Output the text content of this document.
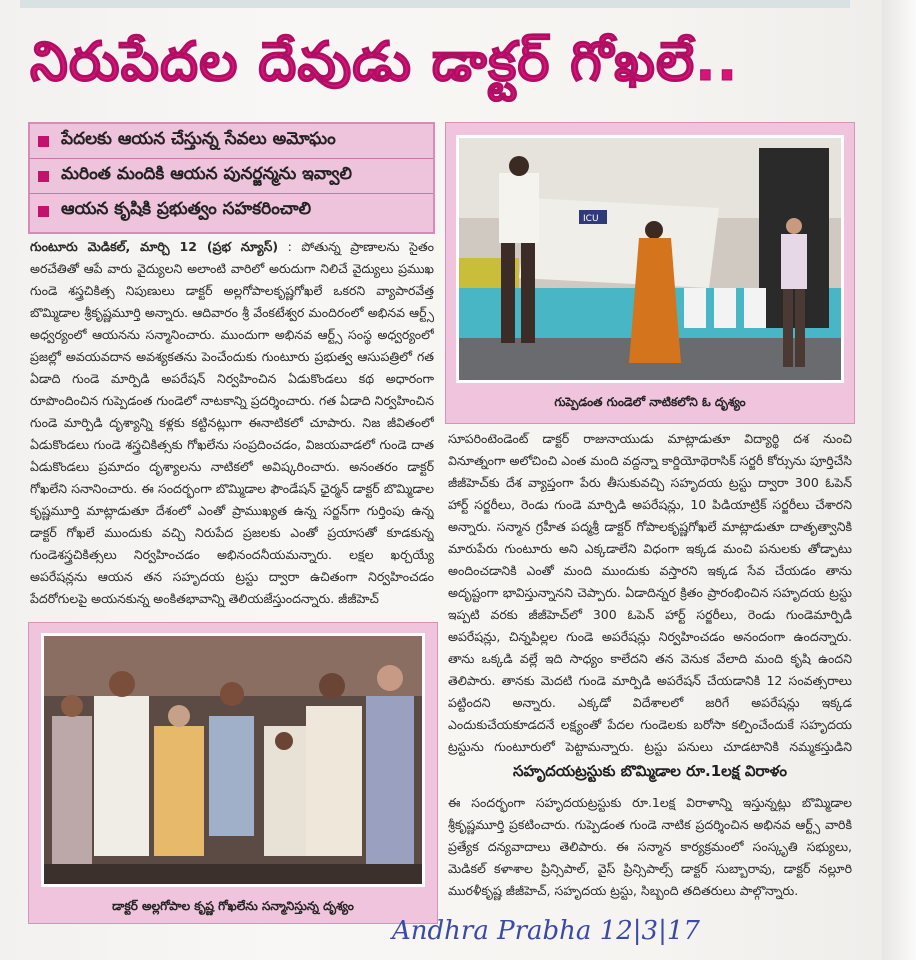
నిరుపేదల దేవుడు డాక్టర్ గోఖలే..
పేదలకు ఆయన చేస్తున్న సేవలు అమోఘం
మరింత మందికి ఆయన పునర్జన్మను ఇవ్వాలి
ఆయన కృషికి ప్రభుత్వం సహకరించాలి	ICU
గుప్పెడంత గుండెలో నాటికలోని ఓ దృశ్యం
గుంటూరు మెడికల్, మార్చి 12 (ప్రభ న్యూస్) : పోతున్న ప్రాణాలను సైతం అరచేతితో ఆపే వారు వైద్యులని అలాంటి వారిలో అరుదుగా నిలిచే వైద్యులు ప్రముఖ గుండె శస్త్రచికిత్స నిపుణులు డాక్టర్ అల్లగోపాలకృష్ణగోఖలే ఒకరని వ్యాపారవేత్త బొమ్మిడాల శ్రీకృష్ణమూర్తి అన్నారు. ఆదివారం శ్రీ వేంకటేశ్వర మందిరంలో అభినవ ఆర్ట్స్ అధ్వర్యంలో ఆయనను సన్మానించారు. ముందుగా అభినవ ఆర్ట్స్ సంస్థ అధ్వర్యంలో ప్రజల్లో అవయవదాన అవశ్యకతను పెంచేందుకు గుంటూరు ప్రభుత్వ ఆసుపత్రిలో గత ఏడాది గుండె మార్పిడి అపరేషన్ నిర్వహించిన ఏడుకొండలు కథ అధారంగా రూపొందించిన గుప్పెడంత గుండెలో నాటకాన్ని ప్రదర్శించారు. గత ఏడాది నిర్వహించిన గుండె మార్పిడి దృశ్యాన్ని కళ్లకు కట్టినట్లుగా ఈనాటికలో చూపారు. నిజ జీవితంలో ఏడుకొండలు గుండె శస్త్రచికిత్సకు గోఖలేను సంప్రదించడం, విజయవాడలో గుండె దాత ఏడుకొండలు ప్రమాదం దృశ్యాలను నాటికలో అవిష్కరించారు. అనంతరం డాక్టర్ గోఖలేని సనానించారు. ఈ సందర్భంగా బొమ్మిడాల ఫౌండేషన్ ఛైర్మన్ డాక్టర్ బొమ్మిడాల కృష్ణమూర్తి మాట్లాడుతూ దేశంలో ఎంతో ప్రాముఖ్యత ఉన్న సర్జన్‌గా గుర్తింపు ఉన్న డాక్టర్ గోఖలే ముందుకు వచ్చి నిరుపేద ప్రజలకు ఎంతో ప్రయాసతో కూడకున్న గుండెశస్త్రచికిత్సలు నిర్వహించడం అభినందనీయమన్నారు. లక్షల ఖర్చయ్యే అపరేషన్లను ఆయన తన సహృదయ ట్రస్టు ద్వారా ఉచితంగా నిర్వహించడం పేదరోగులపై అయనకున్న అంకితభావాన్ని తెలియజేస్తుందన్నారు. జీజీహెచ్
సూపరింటెండెంట్ డాక్టర్ రాజునాయుడు మాట్లాడుతూ విద్యార్థి దశ నుంచి వినూత్నంగా అలోచించి ఎంత మంది వద్దన్నా కార్డియోథెరాసిక్ సర్జరీ కోర్సును పూర్తిచేసి జీజీహెచ్‌కు దేశ వ్యాప్తంగా పేరు తీసుకువచ్చి సహృదయ ట్రస్టు ద్వారా 300 ఓపెన్ హార్ట్ సర్జరీలు, రెండు గుండె మార్పిడి అపరేషన్లు, 10 పిడియాట్రిక్ సర్జరీలు చేశారని అన్నారు. సన్మాన గ్రహీత పద్మశ్రీ డాక్టర్ గోపాలకృష్ణగోఖలే మాట్లాడుతూ దాతృత్వానికి మారుపేరు గుంటూరు అని ఎక్కడాలేని విధంగా ఇక్కడ మంచి పనులకు తోడ్పాటు అందించడానికి ఎంతో మంది ముందుకు వస్తారని ఇక్కడ సేవ చేయడం తాను అదృష్టంగా భావిస్తున్నానని చెప్పారు. ఏడాదిన్నర క్రితం ప్రారంభించిన సహృదయ ట్రస్టు ఇప్పటి వరకు జీజీహెచ్‌లో 300 ఓపెన్ హార్ట్ సర్జరీలు, రెండు గుండెమార్పిడి అపరేషన్లు, చిన్నపిల్లల గుండె అపరేషన్లు నిర్వహించడం అనందంగా ఉందన్నారు. తాను ఒక్కడి వల్లే ఇది సాధ్యం కాలేదని తన వెనుక వేలాది మంది కృషి ఉందని తెలిపారు. తానకు మెదటి గుండె మార్పిడి అపరేషన్ చేయడానికి 12 సంవత్సరాలు పట్టిందని అన్నారు. ఎక్కడో విదేశాలలో జరిగే అపరేషన్లు ఇక్కడ ఎందుకుచేయకూడదనే లక్ష్యంతో పేదల గుండెలకు బరోసా కల్పించేందుకే సహృదయ ట్రస్టును గుంటూరులో పెట్టామన్నారు. ట్రస్టు పనులు చూడటానికి నమ్మకస్తుడిని
సహృదయట్రస్టుకు బొమ్మిడాల రూ.1లక్ష విరాళం
ఈ సందర్భంగా సహృదయట్రస్టుకు రూ.1లక్ష విరాళాన్ని ఇస్తున్నట్లు బొమ్మిడాల శ్రీకృష్ణమూర్తి ప్రకటించారు. గుప్పెడంత గుండె నాటిక ప్రదర్శించిన అభినవ ఆర్ట్స్ వారికి ప్రత్యేక దన్యవాదాలు తెలిపారు. ఈ సన్మాన కార్యక్రమంలో సంస్కృతి సభ్యులు, మెడికల్ కళాశాల ప్రిన్సిపాల్, వైస్ ప్రిన్సిపాల్స్ డాక్టర్ సుబ్బారావు, డాక్టర్ నల్లూరి మురళీకృష్ణ జీజీహెచ్, సహృదయ ట్రస్టు, సిబ్బంది తదితరులు పాల్గొన్నారు.
డాక్టర్ అల్లగోపాల కృష్ణ గోఖలేను సన్మానిస్తున్న దృశ్యం
Andhra Prabha 12|3|17
